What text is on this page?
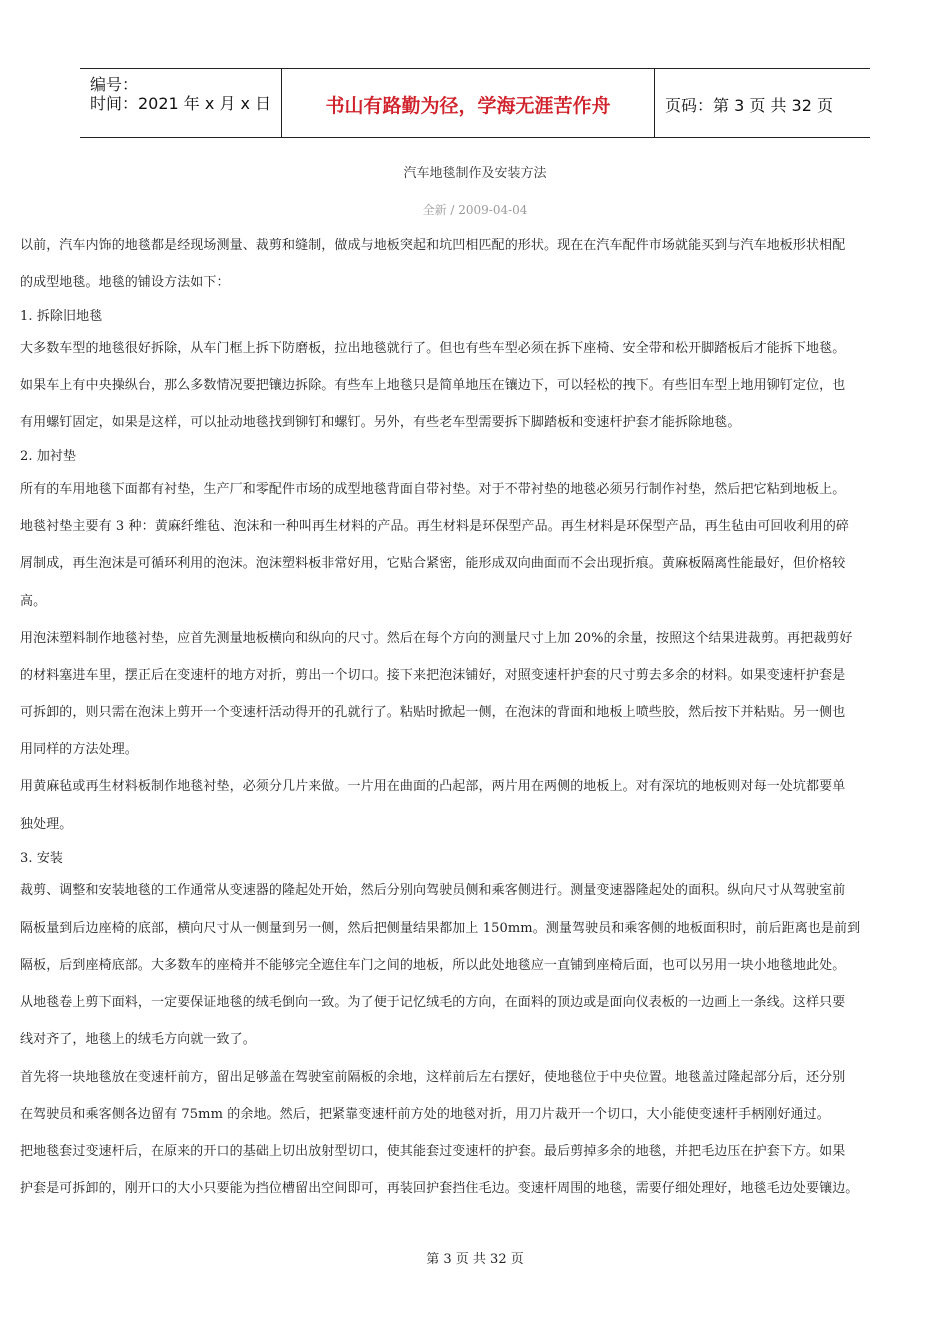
编号：
时间：2021 年 x 月 x 日	书山有路勤为径，学海无涯苦作舟	页码：第 3 页 共 32 页
汽车地毯制作及安装方法
全新 / 2009-04-04
以前，汽车内饰的地毯都是经现场测量、裁剪和缝制，做成与地板突起和坑凹相匹配的形状。现在在汽车配件市场就能买到与汽车地板形状相配
的成型地毯。地毯的铺设方法如下：
1. 拆除旧地毯
大多数车型的地毯很好拆除，从车门框上拆下防磨板，拉出地毯就行了。但也有些车型必须在拆下座椅、安全带和松开脚踏板后才能拆下地毯。
如果车上有中央操纵台，那么多数情况要把镶边拆除。有些车上地毯只是简单地压在镶边下，可以轻松的拽下。有些旧车型上地用铆钉定位，也
有用螺钉固定，如果是这样，可以扯动地毯找到铆钉和螺钉。另外，有些老车型需要拆下脚踏板和变速杆护套才能拆除地毯。
2. 加衬垫
所有的车用地毯下面都有衬垫，生产厂和零配件市场的成型地毯背面自带衬垫。对于不带衬垫的地毯必须另行制作衬垫，然后把它粘到地板上。
地毯衬垫主要有 3 种：黄麻纤维毡、泡沫和一种叫再生材料的产品。再生材料是环保型产品。再生材料是环保型产品，再生毡由可回收利用的碎
屑制成，再生泡沫是可循环利用的泡沫。泡沫塑料板非常好用，它贴合紧密，能形成双向曲面而不会出现折痕。黄麻板隔离性能最好，但价格较
高。
用泡沫塑料制作地毯衬垫，应首先测量地板横向和纵向的尺寸。然后在每个方向的测量尺寸上加 20%的余量，按照这个结果进裁剪。再把裁剪好
的材料塞进车里，摆正后在变速杆的地方对折，剪出一个切口。接下来把泡沫铺好，对照变速杆护套的尺寸剪去多余的材料。如果变速杆护套是
可拆卸的，则只需在泡沫上剪开一个变速杆活动得开的孔就行了。粘贴时掀起一侧，在泡沫的背面和地板上喷些胶，然后按下并粘贴。另一侧也
用同样的方法处理。
用黄麻毡或再生材料板制作地毯衬垫，必须分几片来做。一片用在曲面的凸起部，两片用在两侧的地板上。对有深坑的地板则对每一处坑都要单
独处理。
3. 安装
裁剪、调整和安装地毯的工作通常从变速器的隆起处开始，然后分别向驾驶员侧和乘客侧进行。测量变速器隆起处的面积。纵向尺寸从驾驶室前
隔板量到后边座椅的底部，横向尺寸从一侧量到另一侧，然后把侧量结果都加上 150mm。测量驾驶员和乘客侧的地板面积时，前后距离也是前到
隔板，后到座椅底部。大多数车的座椅并不能够完全遮住车门之间的地板，所以此处地毯应一直铺到座椅后面，也可以另用一块小地毯地此处。
从地毯卷上剪下面料，一定要保证地毯的绒毛倒向一致。为了便于记忆绒毛的方向，在面料的顶边或是面向仪表板的一边画上一条线。这样只要
线对齐了，地毯上的绒毛方向就一致了。
首先将一块地毯放在变速杆前方，留出足够盖在驾驶室前隔板的余地，这样前后左右摆好，使地毯位于中央位置。地毯盖过隆起部分后，还分别
在驾驶员和乘客侧各边留有 75mm 的余地。然后，把紧靠变速杆前方处的地毯对折，用刀片裁开一个切口，大小能使变速杆手柄刚好通过。
把地毯套过变速杆后，在原来的开口的基础上切出放射型切口，使其能套过变速杆的护套。最后剪掉多余的地毯，并把毛边压在护套下方。如果
护套是可拆卸的，刚开口的大小只要能为挡位槽留出空间即可，再装回护套挡住毛边。变速杆周围的地毯，需要仔细处理好，地毯毛边处要镶边。
第 3 页 共 32 页
